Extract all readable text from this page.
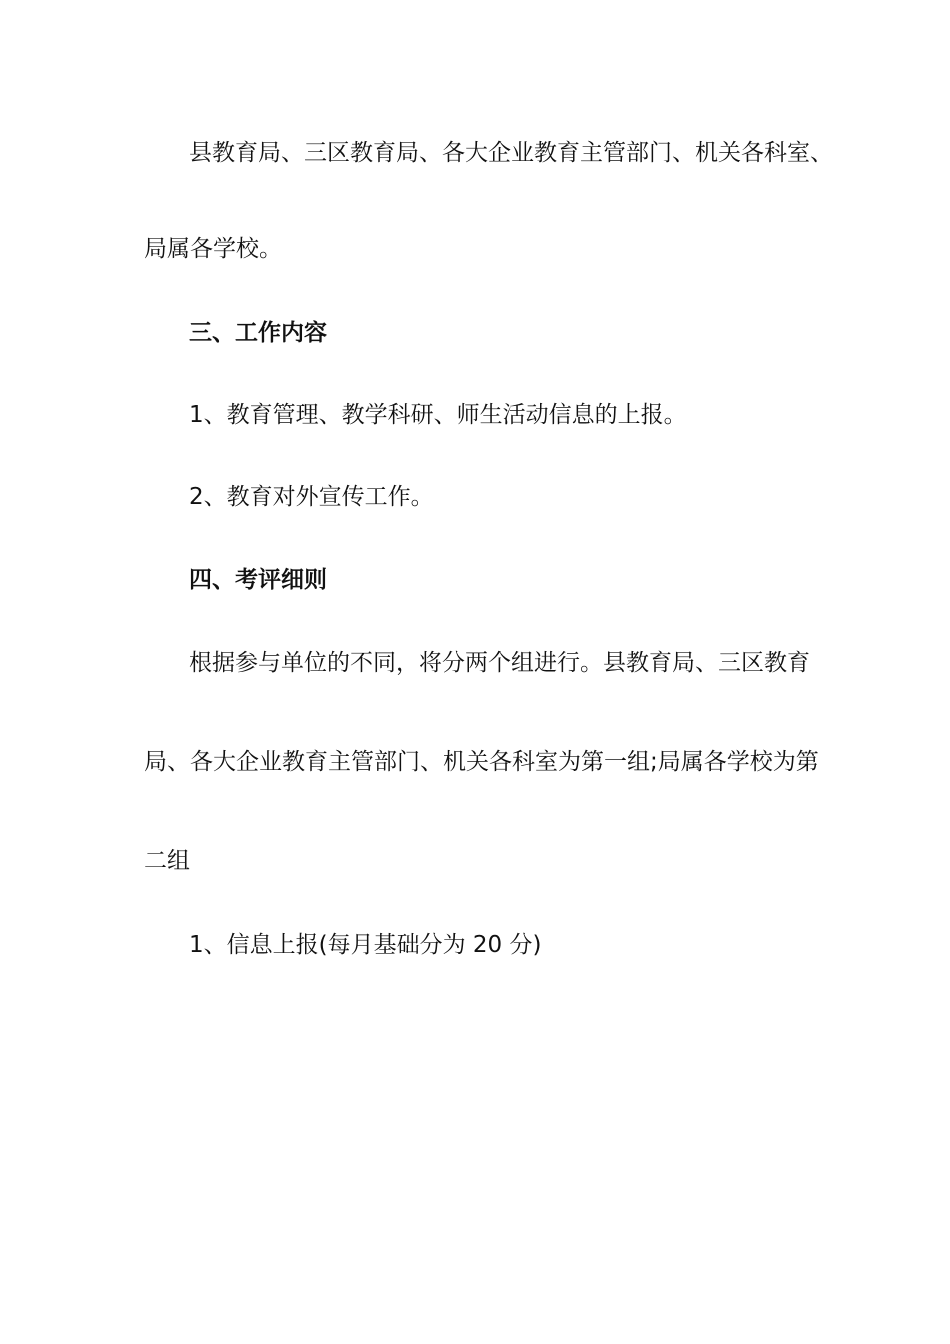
县教育局、三区教育局、各大企业教育主管部门、机关各科室、
局属各学校。
三、工作内容
1、教育管理、教学科研、师生活动信息的上报。
2、教育对外宣传工作。
四、考评细则
根据参与单位的不同，将分两个组进行。县教育局、三区教育
局、各大企业教育主管部门、机关各科室为第一组;局属各学校为第
二组
1、信息上报(每月基础分为 20 分)
